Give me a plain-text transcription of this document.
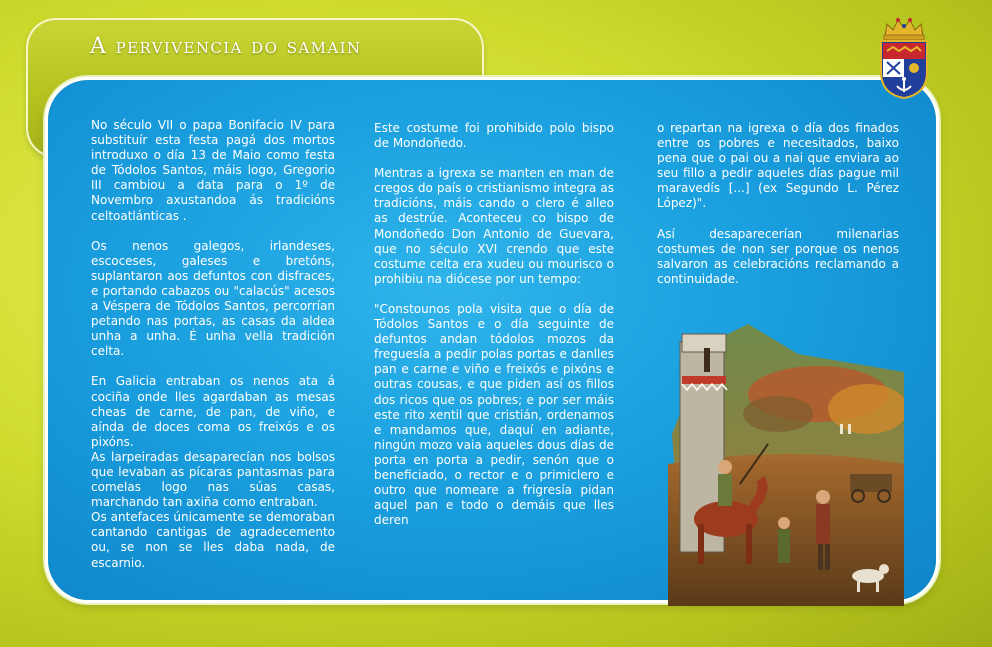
A pervivencia do samain

No século VII o papa Bonifacio IV para substituír esta festa pagá dos mortos introduxo o día 13 de Maio como festa de Tódolos Santos, máis logo, Gregorio III cambiou a data para o 1º de Novembro axustandoa ás tradicións celtoatlánticas .

Os nenos galegos, irlandeses, escoceses, galeses e bretóns, suplantaron aos defuntos con disfraces, e portando cabazos ou "calacús" acesos a Véspera de Tódolos Santos, percorrían petando nas portas, as casas da aldea unha a unha. É unha vella tradición celta.

En Galicia entraban os nenos ata á cociña onde lles agardaban as mesas cheas de carne, de pan, de viño, e aínda de doces coma os freixós e os pixóns.

As larpeiradas desaparecían nos bolsos que levaban as pícaras pantasmas para comelas logo nas súas casas, marchando tan axiña como entraban.

Os antefaces únicamente se demoraban cantando cantigas de agradecemento ou, se non se lles daba nada, de escarnio.

Este costume foi prohibido polo bispo de Mondoñedo.

Mentras a igrexa se manten en man de cregos do país o cristianismo integra as tradicións, máis cando o clero é alleo as destrúe. Aconteceu co bispo de Mondoñedo Don Antonio de Guevara, que no século XVI crendo que este costume celta era xudeu ou mourisco o prohibiu na diócese por un tempo:

"Constounos pola visita que o día de Tódolos Santos e o día seguinte de defuntos andan tódolos mozos da freguesía a pedir polas portas e danlles pan e carne e viño e freixós e pixóns e outras cousas, e que piden así os fillos dos ricos que os pobres; e por ser máis este rito xentil que cristián, ordenamos e mandamos que, daquí en adiante, ningún mozo vaia aqueles dous días de porta en porta a pedir, senón que o beneficiado, o rector e o primiclero e outro que nomeare a frigresía pidan aquel pan e todo o demáis que lles deren

o repartan na igrexa o día dos finados entre os pobres e necesitados, baixo pena que o pai ou a nai que enviara ao seu fillo a pedir aqueles días pague mil maravedís [...] (ex Segundo L. Pérez López)".

Así desaparecerían milenarias costumes de non ser porque os nenos salvaron as celebracións reclamando a continuidade.
